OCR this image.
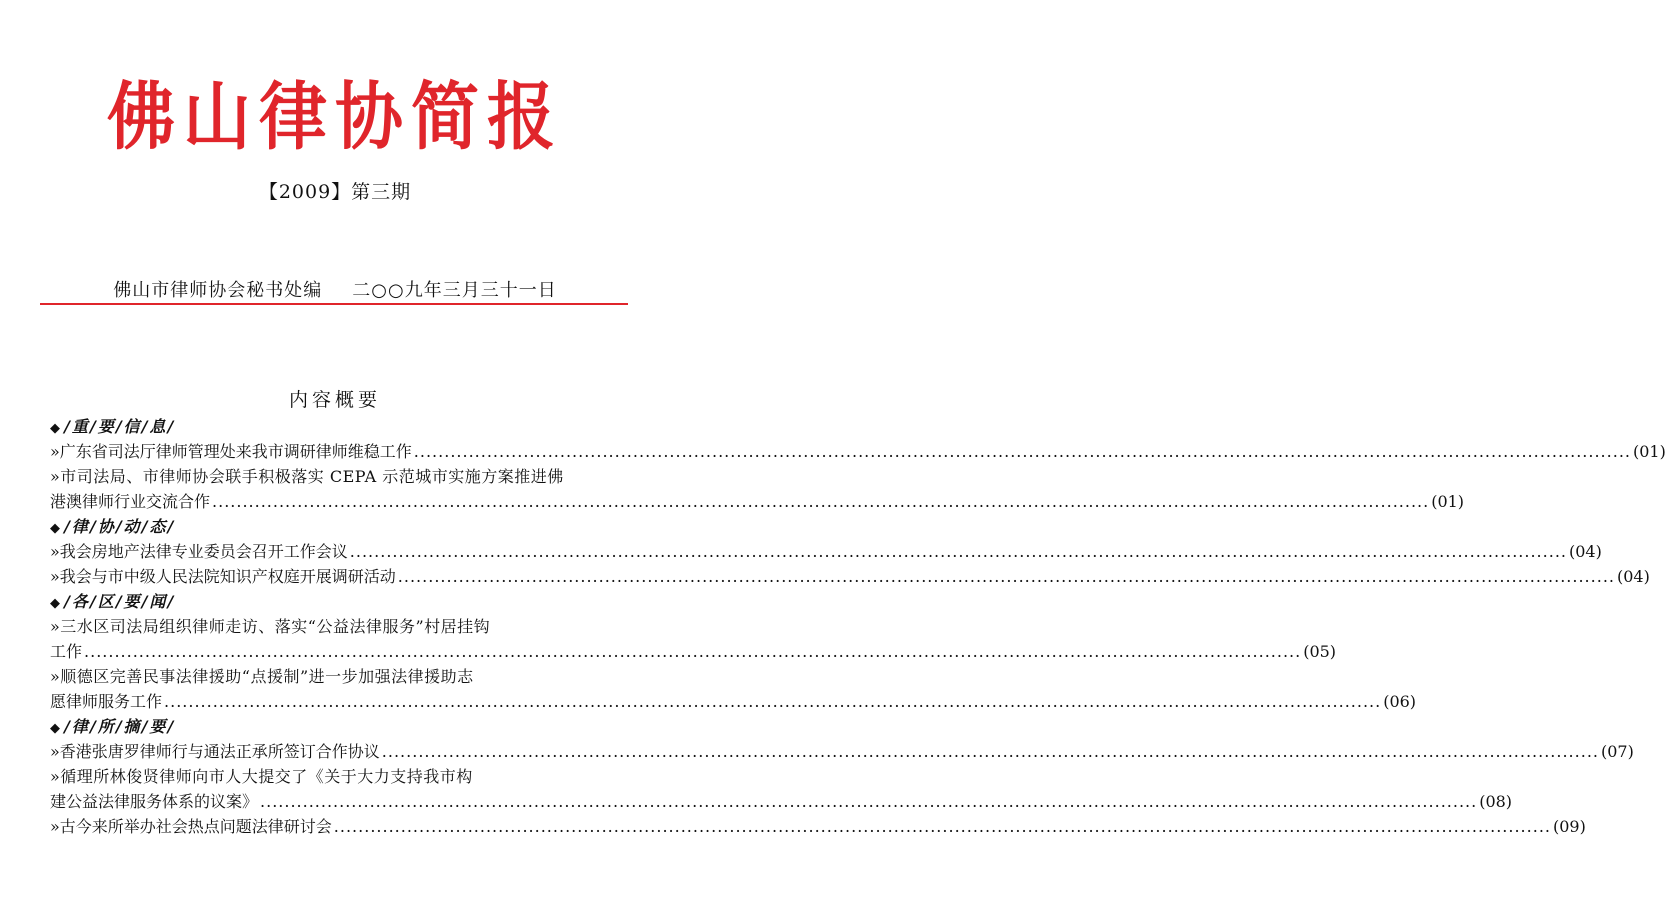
佛山律协简报
【2009】第三期
佛山市律师协会秘书处编 二○○九年三月三十一日
内容概要
◆ /重/要/信/息/
»广东省司法厅律师管理处来我市调研律师维稳工作 ........................................................................................................................................................................................................ (01)
»市司法局、市律师协会联手积极落实 CEPA 示范城市实施方案推进佛
港澳律师行业交流合作 ........................................................................................................................................................................................................ (01)
◆ /律/协/动/态/
»我会房地产法律专业委员会召开工作会议 ........................................................................................................................................................................................................ (04)
»我会与市中级人民法院知识产权庭开展调研活动 ........................................................................................................................................................................................................ (04)
◆ /各/区/要/闻/
»三水区司法局组织律师走访、落实“公益法律服务”村居挂钩
工作 ........................................................................................................................................................................................................ (05)
»顺德区完善民事法律援助“点援制”进一步加强法律援助志
愿律师服务工作 ........................................................................................................................................................................................................ (06)
◆ /律/所/摘/要/
»香港张唐罗律师行与通法正承所签订合作协议 ........................................................................................................................................................................................................ (07)
»循理所林俊贤律师向市人大提交了《关于大力支持我市构
建公益法律服务体系的议案》 ........................................................................................................................................................................................................ (08)
»古今来所举办社会热点问题法律研讨会 ........................................................................................................................................................................................................ (09)
